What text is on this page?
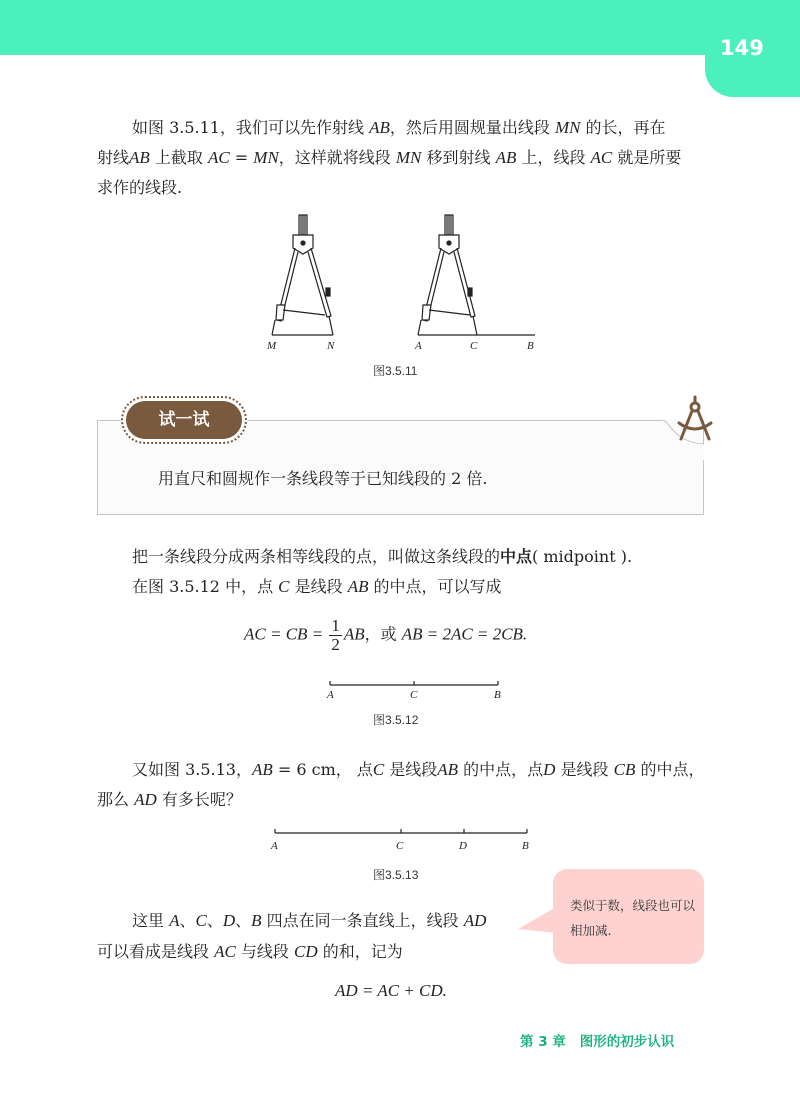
149
如图 3.5.11，我们可以先作射线 AB，然后用圆规量出线段 MN 的长，再在
射线AB 上截取 AC = MN，这样就将线段 MN 移到射线 AB 上，线段 AC 就是所要
求作的线段.
M	N	A	C	B
图3.5.11
试一试
用直尺和圆规作一条线段等于已知线段的 2 倍.
把一条线段分成两条相等线段的点，叫做这条线段的中点( midpoint ).
在图 3.5.12 中，点 C 是线段 AB 的中点，可以写成
AC = CB = $\frac{1}{2}$ AB，或 AB = 2AC = 2CB.
A	C	B
图3.5.12
又如图 3.5.13，AB = 6 cm， 点C 是线段AB 的中点，点D 是线段 CB 的中点，
那么 AD 有多长呢？
A	C	D	B
图3.5.13
这里 A、C、D、B 四点在同一条直线上，线段 AD
可以看成是线段 AC 与线段 CD 的和，记为
类似于数，线段也可以相加减.
AD = AC + CD.
第 3 章 图形的初步认识
